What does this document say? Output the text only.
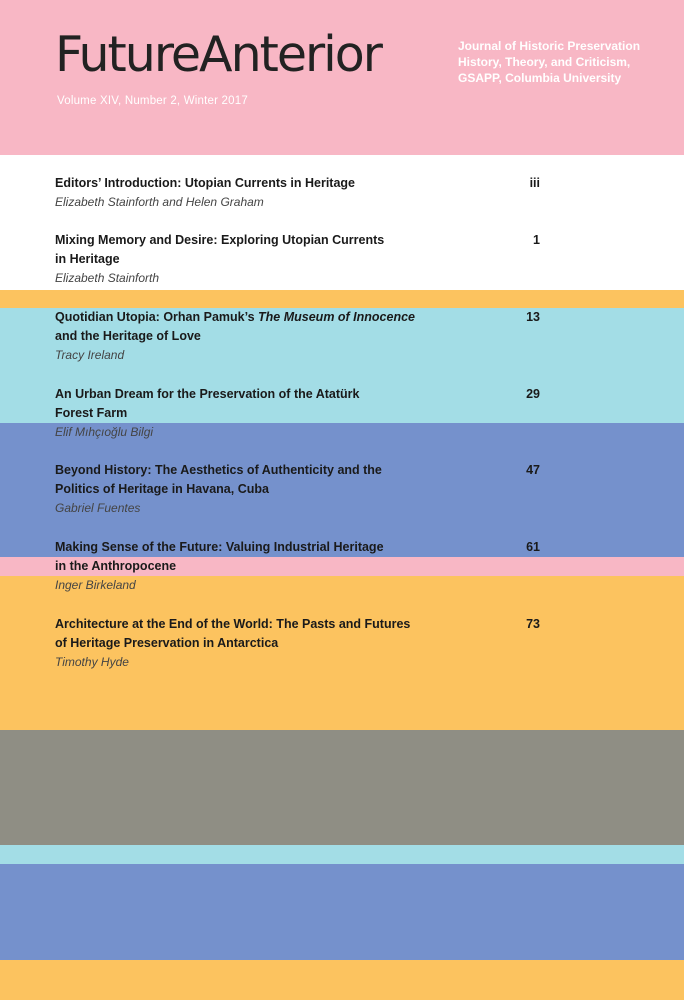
FutureAnterior
Volume XIV, Number 2, Winter 2017
Journal of Historic Preservation
History, Theory, and Criticism,
GSAPP, Columbia University
Editors’ Introduction: Utopian Currents in Heritage
Elizabeth Stainforth and Helen Graham
iii
Mixing Memory and Desire: Exploring Utopian Currents
in Heritage
Elizabeth Stainforth
1
Quotidian Utopia: Orhan Pamuk’s The Museum of Innocence
and the Heritage of Love
Tracy Ireland
13
An Urban Dream for the Preservation of the Atatürk
Forest Farm
Elif Mıhçıoğlu Bilgi
29
Beyond History: The Aesthetics of Authenticity and the
Politics of Heritage in Havana, Cuba
Gabriel Fuentes
47
Making Sense of the Future: Valuing Industrial Heritage
in the Anthropocene
Inger Birkeland
61
Architecture at the End of the World: The Pasts and Futures
of Heritage Preservation in Antarctica
Timothy Hyde
73
